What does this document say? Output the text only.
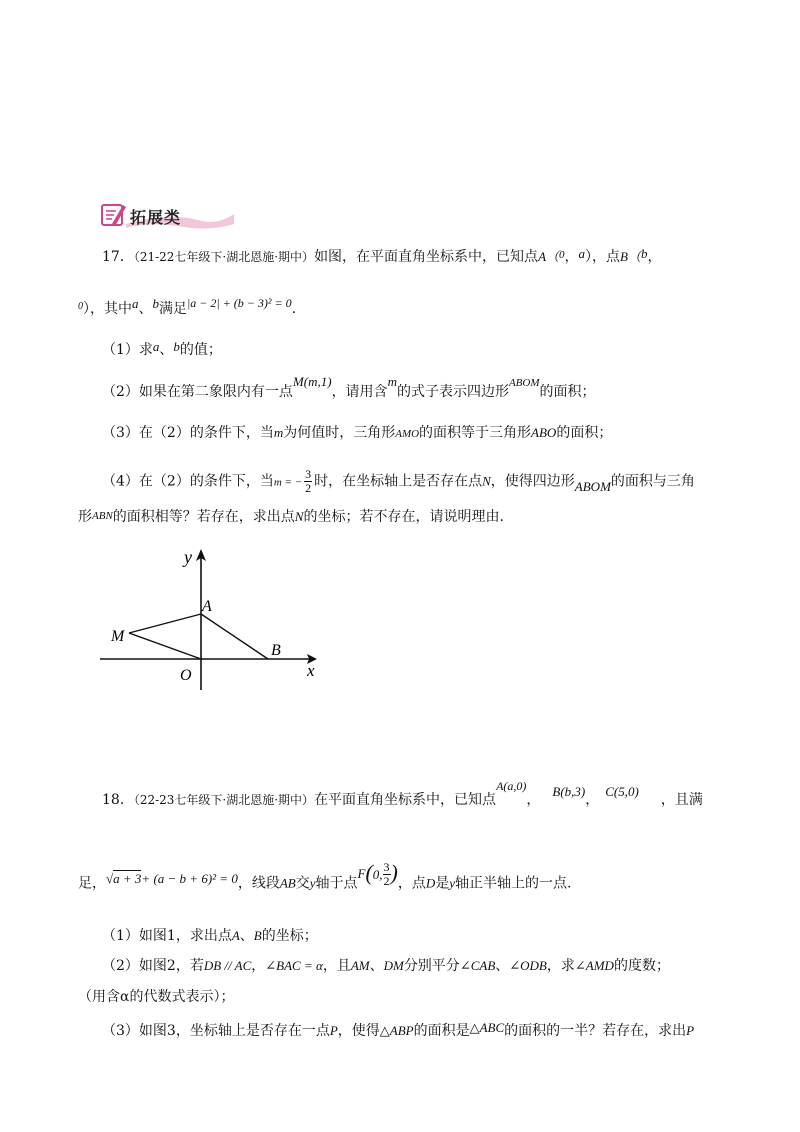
拓展类
17．（21-22七年级下·湖北恩施·期中）如图，在平面直角坐标系中，已知点A（$^0$，a），点B（b，
$^0$），其中a、b满足|a − 2| + (b − 3)² = 0.
（1）求a、b的值；
（2）如果在第二象限内有一点M(m,1)，请用含m的式子表示四边形$^{ABOM}$的面积；
（3）在（2）的条件下，当m为何值时，三角形AMO的面积等于三角形ABO的面积；
（4）在（2）的条件下，当m = − $\frac{3}{2}$ 时，在坐标轴上是否存在点N，使得四边形ABOM的面积与三角
形ABN的面积相等？若存在，求出点N的坐标；若不存在，请说明理由.
y
A
M
B
O	x
18．（22-23七年级下·湖北恩施·期中）在平面直角坐标系中，已知点A(a,0)，B(b,3)，C(5,0)，且满
足，√a + 3+ (a − b + 6)² = 0，线段AB交y轴于点F(0, $\frac{3}{2}$ )，点D是y轴正半轴上的一点.
（1）如图1，求出点A、B的坐标；
（2）如图2，若DB // AC，∠BAC = α，且AM、DM分别平分∠CAB、∠ODB，求∠AMD的度数；
（用含α的代数式表示）；
（3）如图3，坐标轴上是否存在一点P，使得△ABP的面积是△ABC的面积的一半？若存在，求出P
